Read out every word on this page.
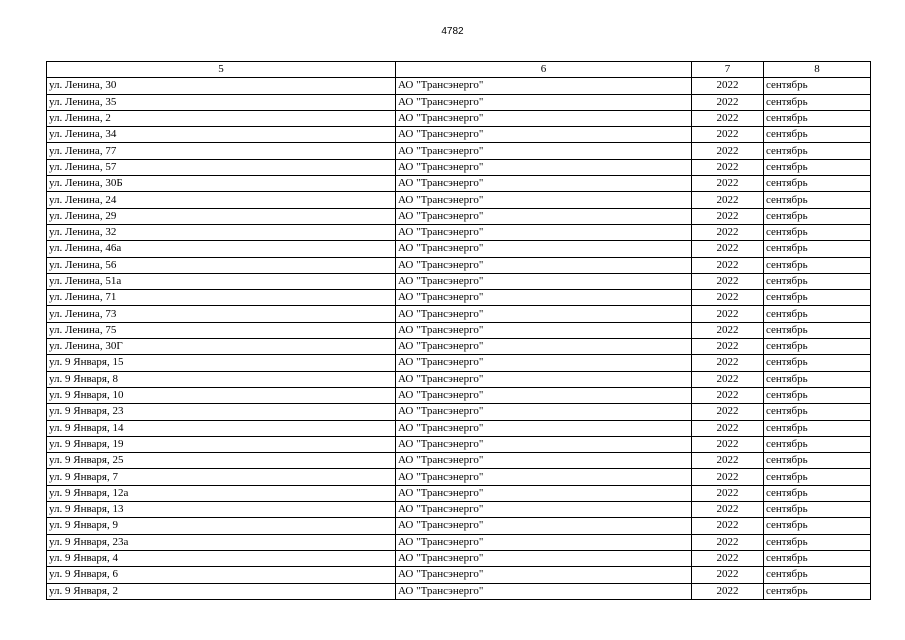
4782
5	6	7	8
ул. Ленина, 30	АО "Трансэнерго"	2022	сентябрь
ул. Ленина, 35	АО "Трансэнерго"	2022	сентябрь
ул. Ленина, 2	АО "Трансэнерго"	2022	сентябрь
ул. Ленина, 34	АО "Трансэнерго"	2022	сентябрь
ул. Ленина, 77	АО "Трансэнерго"	2022	сентябрь
ул. Ленина, 57	АО "Трансэнерго"	2022	сентябрь
ул. Ленина, 30Б	АО "Трансэнерго"	2022	сентябрь
ул. Ленина, 24	АО "Трансэнерго"	2022	сентябрь
ул. Ленина, 29	АО "Трансэнерго"	2022	сентябрь
ул. Ленина, 32	АО "Трансэнерго"	2022	сентябрь
ул. Ленина, 46а	АО "Трансэнерго"	2022	сентябрь
ул. Ленина, 56	АО "Трансэнерго"	2022	сентябрь
ул. Ленина, 51а	АО "Трансэнерго"	2022	сентябрь
ул. Ленина, 71	АО "Трансэнерго"	2022	сентябрь
ул. Ленина, 73	АО "Трансэнерго"	2022	сентябрь
ул. Ленина, 75	АО "Трансэнерго"	2022	сентябрь
ул. Ленина, 30Г	АО "Трансэнерго"	2022	сентябрь
ул. 9 Января, 15	АО "Трансэнерго"	2022	сентябрь
ул. 9 Января, 8	АО "Трансэнерго"	2022	сентябрь
ул. 9 Января, 10	АО "Трансэнерго"	2022	сентябрь
ул. 9 Января, 23	АО "Трансэнерго"	2022	сентябрь
ул. 9 Января, 14	АО "Трансэнерго"	2022	сентябрь
ул. 9 Января, 19	АО "Трансэнерго"	2022	сентябрь
ул. 9 Января, 25	АО "Трансэнерго"	2022	сентябрь
ул. 9 Января, 7	АО "Трансэнерго"	2022	сентябрь
ул. 9 Января, 12а	АО "Трансэнерго"	2022	сентябрь
ул. 9 Января, 13	АО "Трансэнерго"	2022	сентябрь
ул. 9 Января, 9	АО "Трансэнерго"	2022	сентябрь
ул. 9 Января, 23а	АО "Трансэнерго"	2022	сентябрь
ул. 9 Января, 4	АО "Трансэнерго"	2022	сентябрь
ул. 9 Января, 6	АО "Трансэнерго"	2022	сентябрь
ул. 9 Января, 2	АО "Трансэнерго"	2022	сентябрь
